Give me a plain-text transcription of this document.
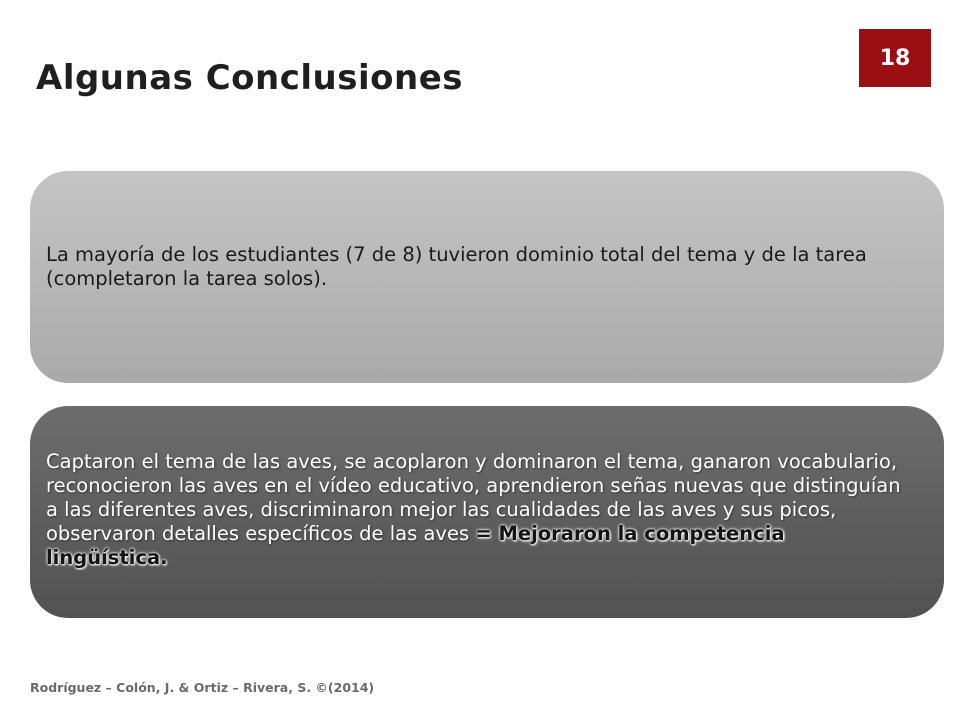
Algunas Conclusiones	18

La mayoría de los estudiantes (7 de 8) tuvieron dominio total del tema y de la tarea (completaron la tarea solos).

Captaron el tema de las aves, se acoplaron y dominaron el tema, ganaron vocabulario, reconocieron las aves en el vídeo educativo, aprendieron señas nuevas que distinguían a las diferentes aves, discriminaron mejor las cualidades de las aves y sus picos, observaron detalles específicos de las aves = Mejoraron la competencia lingüística.

Rodríguez – Colón, J. & Ortiz – Rivera, S. ©(2014)
